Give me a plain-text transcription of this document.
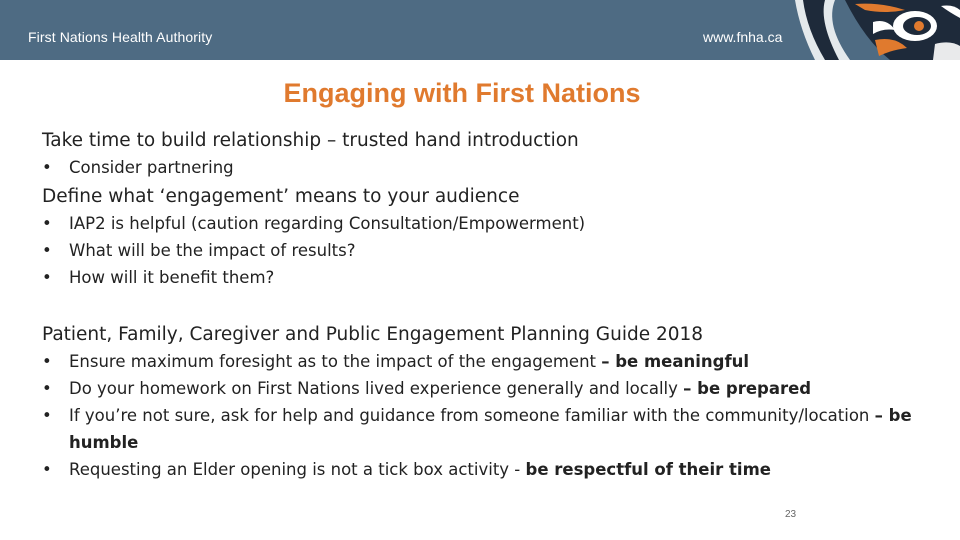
First Nations Health Authority	www.fnha.ca
Engaging with First Nations

Take time to build relationship – trusted hand introduction

• Consider partnering

Define what ‘engagement’ means to your audience

• IAP2 is helpful (caution regarding Consultation/Empowerment)
• What will be the impact of results?
• How will it benefit them?

Patient, Family, Caregiver and Public Engagement Planning Guide 2018

• Ensure maximum foresight as to the impact of the engagement – be meaningful
• Do your homework on First Nations lived experience generally and locally – be prepared
• If you’re not sure, ask for help and guidance from someone familiar with the community/location – be humble
• Requesting an Elder opening is not a tick box activity - be respectful of their time
23
